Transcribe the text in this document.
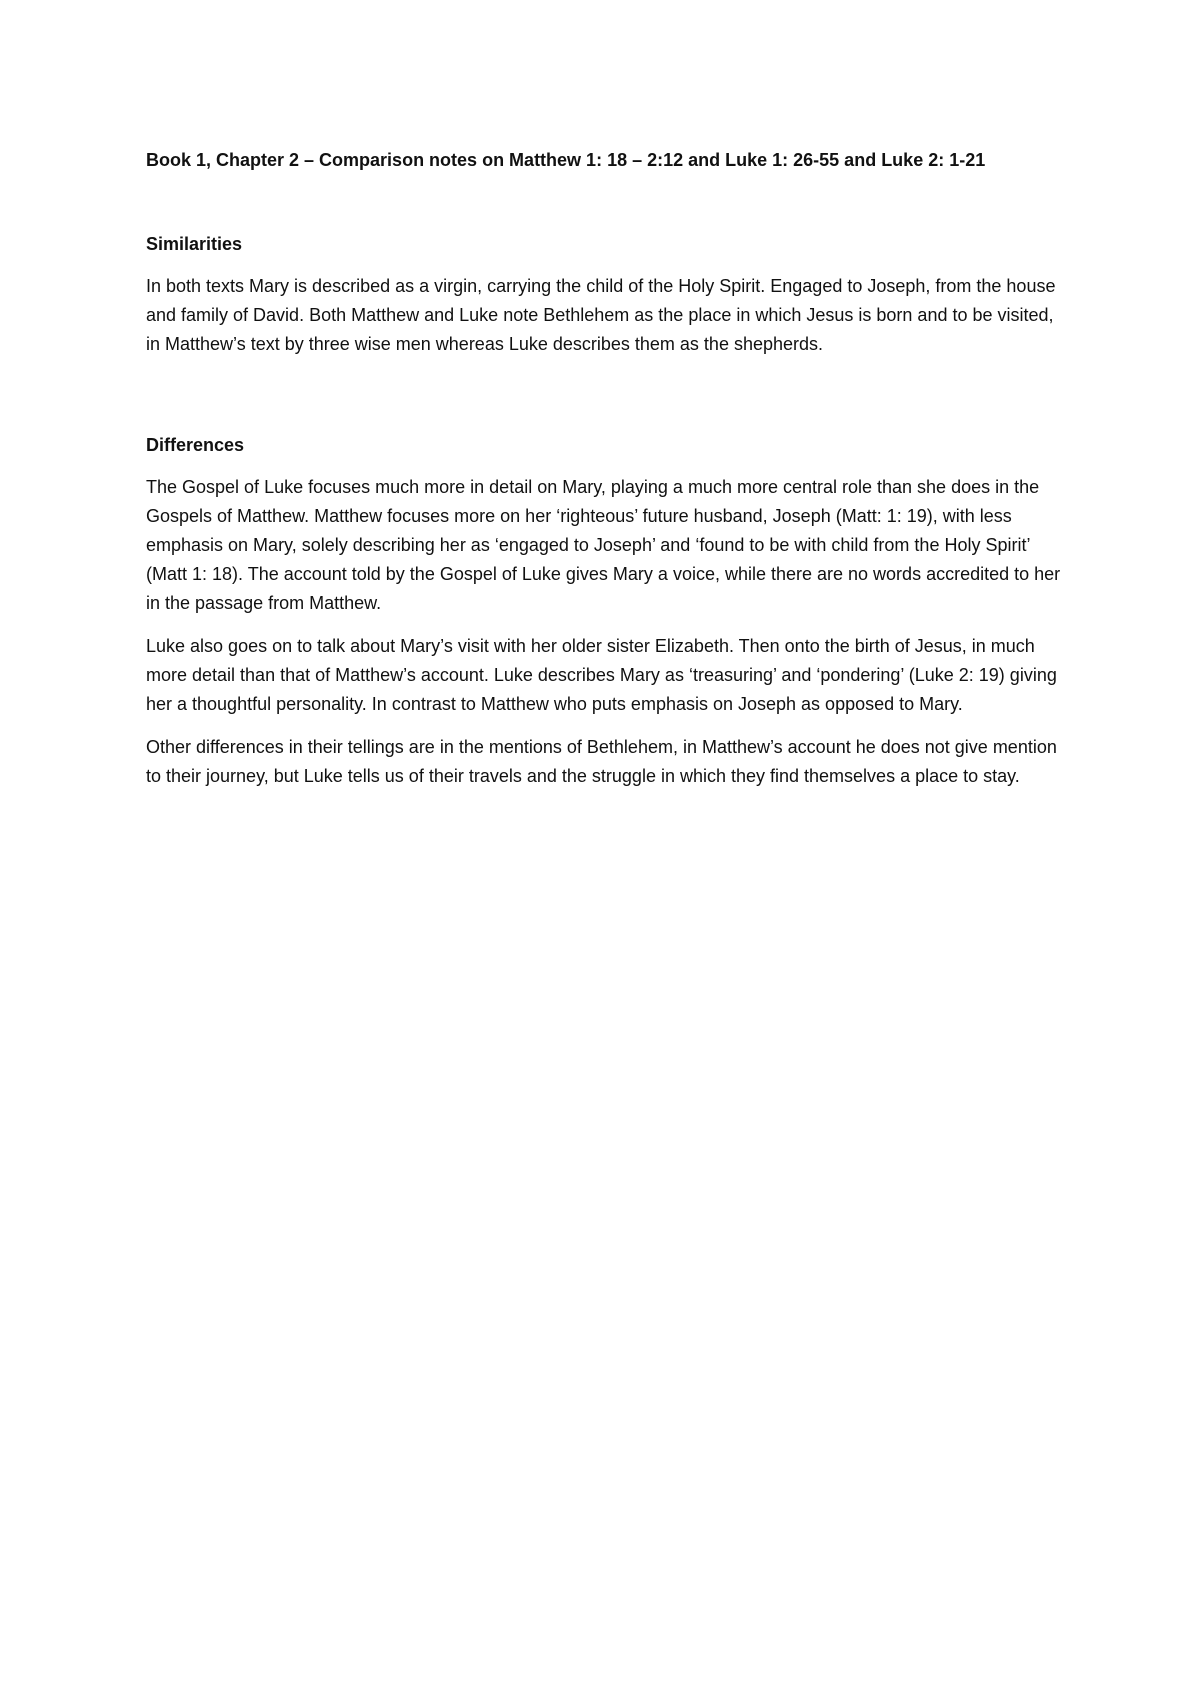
Book 1, Chapter 2 – Comparison notes on Matthew 1: 18 – 2:12 and Luke 1: 26-55 and Luke 2: 1-21
Similarities

In both texts Mary is described as a virgin, carrying the child of the Holy Spirit. Engaged to Joseph, from the house and family of David. Both Matthew and Luke note Bethlehem as the place in which Jesus is born and to be visited, in Matthew’s text by three wise men whereas Luke describes them as the shepherds.

Differences

The Gospel of Luke focuses much more in detail on Mary, playing a much more central role than she does in the Gospels of Matthew. Matthew focuses more on her ‘righteous’ future husband, Joseph (Matt: 1: 19), with less emphasis on Mary, solely describing her as ‘engaged to Joseph’ and ‘found to be with child from the Holy Spirit’ (Matt 1: 18). The account told by the Gospel of Luke gives Mary a voice, while there are no words accredited to her in the passage from Matthew.

Luke also goes on to talk about Mary’s visit with her older sister Elizabeth. Then onto the birth of Jesus, in much more detail than that of Matthew’s account. Luke describes Mary as ‘treasuring’ and ‘pondering’ (Luke 2: 19) giving her a thoughtful personality. In contrast to Matthew who puts emphasis on Joseph as opposed to Mary.

Other differences in their tellings are in the mentions of Bethlehem, in Matthew’s account he does not give mention to their journey, but Luke tells us of their travels and the struggle in which they find themselves a place to stay.
